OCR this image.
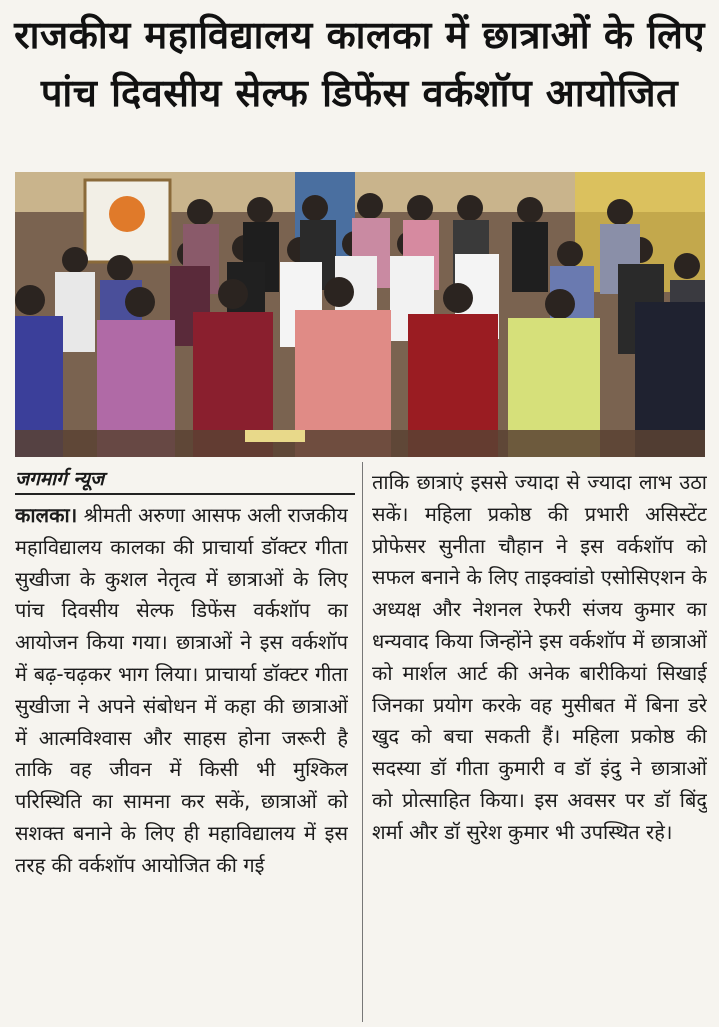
राजकीय महाविद्यालय कालका में छात्राओं के लिए
पांच दिवसीय सेल्फ डिफेंस वर्कशॉप आयोजित
जगमार्ग न्यूज
कालका। श्रीमती अरुणा आसफ अली राजकीय महाविद्यालय कालका की प्राचार्या डॉक्टर गीता सुखीजा के कुशल नेतृत्व में छात्राओं के लिए पांच दिवसीय सेल्फ डिफेंस वर्कशॉप का आयोजन किया गया। छात्राओं ने इस वर्कशॉप में बढ़-चढ़कर भाग लिया। प्राचार्या डॉक्टर गीता सुखीजा ने अपने संबोधन में कहा की छात्राओं में आत्मविश्वास और साहस होना जरूरी है ताकि वह जीवन में किसी भी मुश्किल परिस्थिति का सामना कर सकें, छात्राओं को सशक्त बनाने के लिए ही महाविद्यालय में इस तरह की वर्कशॉप आयोजित की गई
ताकि छात्राएं इससे ज्यादा से ज्यादा लाभ उठा सकें। महिला प्रकोष्ठ की प्रभारी असिस्टेंट प्रोफेसर सुनीता चौहान ने इस वर्कशॉप को सफल बनाने के लिए ताइक्वांडो एसोसिएशन के अध्यक्ष और नेशनल रेफरी संजय कुमार का धन्यवाद किया जिन्होंने इस वर्कशॉप में छात्राओं को मार्शल आर्ट की अनेक बारीकियां सिखाई जिनका प्रयोग करके वह मुसीबत में बिना डरे खुद को बचा सकती हैं। महिला प्रकोष्ठ की सदस्या डॉ गीता कुमारी व डॉ इंदु ने छात्राओं को प्रोत्साहित किया। इस अवसर पर डॉ बिंदु शर्मा और डॉ सुरेश कुमार भी उपस्थित रहे।
